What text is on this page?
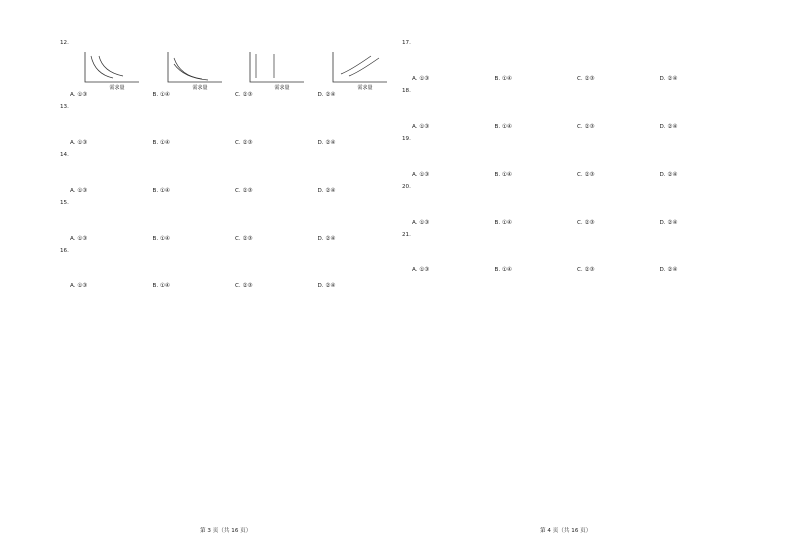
12.
需求量	需求量	需求量	需求量
A. ①③	B. ①④	C. ②③	D. ②④
13.
A. ①③	B. ①④	C. ②③	D. ②④
14.
A. ①③	B. ①④	C. ②③	D. ②④
15.
A. ①③	B. ①④	C. ②③	D. ②④
16.
A. ①③	B. ①④	C. ②③	D. ②④
17.
A. ①③	B. ①④	C. ②③	D. ②④
18.
A. ①③	B. ①④	C. ②③	D. ②④
19.
A. ①③	B. ①④	C. ②③	D. ②④
20.
A. ①③	B. ①④	C. ②③	D. ②④
21.
A. ①③	B. ①④	C. ②③	D. ②④
第 3 页（共 16 页）	第 4 页（共 16 页）
